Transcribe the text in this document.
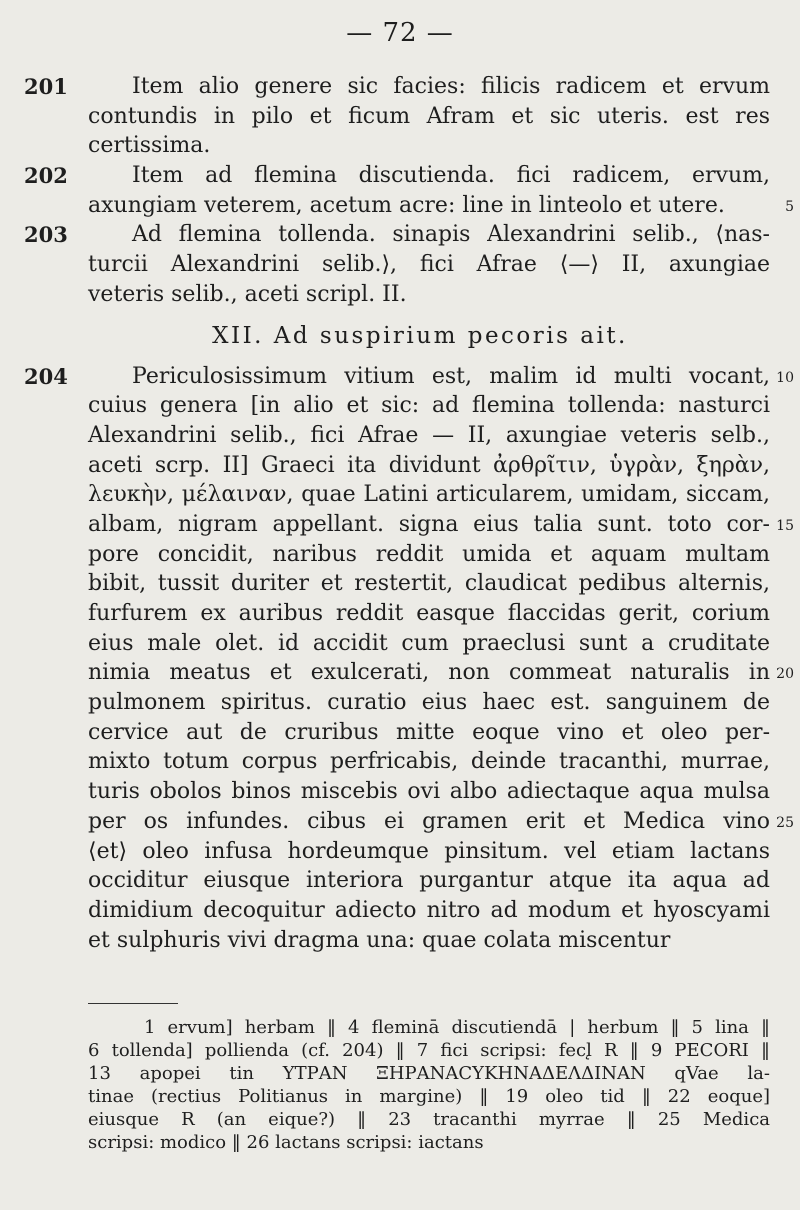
— 72 —
201	Item alio genere sic facies: filicis radicem et ervum
contundis in pilo et ficum Afram et sic uteris. est res
certissima.
202	Item ad flemina discutienda. fici radicem, ervum,
axungiam veterem, acetum acre: line in linteolo et utere.	5
203	Ad flemina tollenda. sinapis Alexandrini selib., ⟨nas-
turcii Alexandrini selib.⟩, fici Afrae ⟨—⟩ II, axungiae
veteris selib., aceti scripl. II.
XII. Ad suspirium pecoris ait.
204	Periculosissimum vitium est, malim id multi vocant, 10
cuius genera [in alio et sic: ad flemina tollenda: nasturci
Alexandrini selib., fici Afrae — II, axungiae veteris selb.,
aceti scrp. II] Graeci ita dividunt ἀρθρῖτιν, ὑγρὰν, ξηρὰν,
λευκὴν, μέλαιναν, quae Latini articularem, umidam, siccam,
albam, nigram appellant. signa eius talia sunt. toto cor- 15
pore concidit, naribus reddit umida et aquam multam
bibit, tussit duriter et restertit, claudicat pedibus alternis,
furfurem ex auribus reddit easque flaccidas gerit, corium
eius male olet. id accidit cum praeclusi sunt a cruditate
nimia meatus et exulcerati, non commeat naturalis in 20
pulmonem spiritus. curatio eius haec est. sanguinem de
cervice aut de cruribus mitte eoque vino et oleo per-
mixto totum corpus perfricabis, deinde tracanthi, murrae,
turis obolos binos miscebis ovi albo adiectaque aqua mulsa
per os infundes. cibus ei gramen erit et Medica vino 25
⟨et⟩ oleo infusa hordeumque pinsitum. vel etiam lactans
occiditur eiusque interiora purgantur atque ita aqua ad
dimidium decoquitur adiecto nitro ad modum et hyoscyami
et sulphuris vivi dragma una: quae colata miscentur
1 ervum] herbam ‖ 4 fleminā discutiendā | herbum ‖ 5 lina ‖
6 tollenda] pollienda (cf. 204) ‖ 7 fici scripsi: fecl̨ R ‖ 9 PECORI ‖
13 apopei tin ΥΤΡΑΝ ΞΗΡΑΝΑϹΥΚΗΝΑΔΕΛΔΙΝΑΝ qVae la-
tinae (rectius Politianus in margine) ‖ 19 oleo tid ‖ 22 eoque]
eiusque R (an eique?) ‖ 23 tracanthi myrrae ‖ 25 Medica
scripsi: modico ‖ 26 lactans scripsi: iactans
